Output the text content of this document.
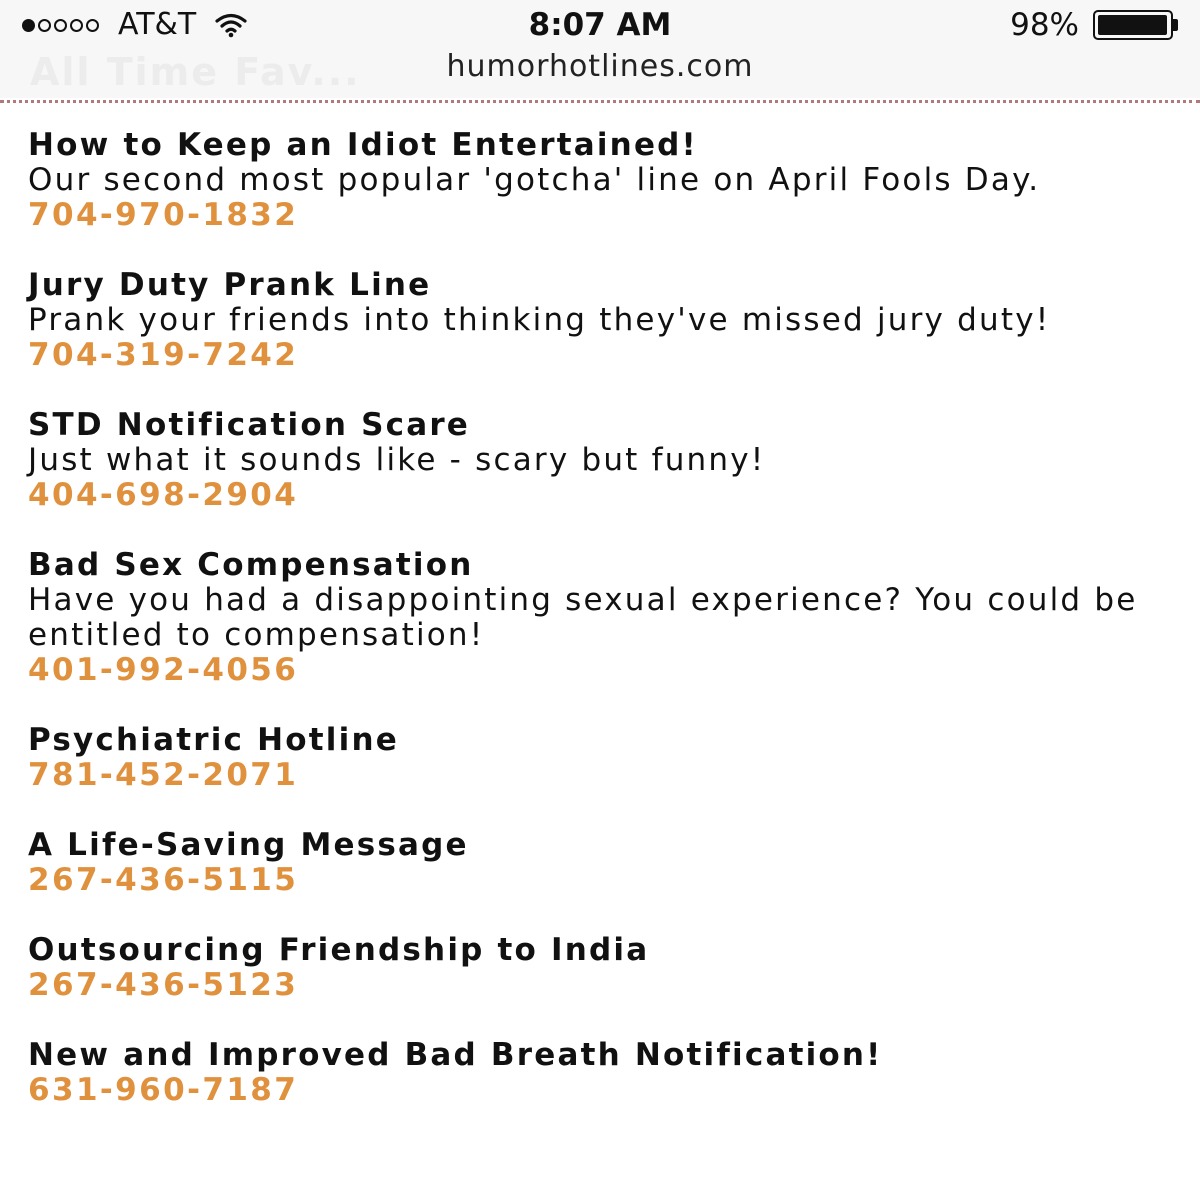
AT&T	8:07 AM	98%
All Time Fav...	humorhotlines.com
How to Keep an Idiot Entertained!
Our second most popular 'gotcha' line on April Fools Day.
704-970-1832
Jury Duty Prank Line
Prank your friends into thinking they've missed jury duty!
704-319-7242
STD Notification Scare
Just what it sounds like - scary but funny!
404-698-2904
Bad Sex Compensation
Have you had a disappointing sexual experience? You could be entitled to compensation!
401-992-4056
Psychiatric Hotline
781-452-2071
A Life-Saving Message
267-436-5115
Outsourcing Friendship to India
267-436-5123
New and Improved Bad Breath Notification!
631-960-7187
